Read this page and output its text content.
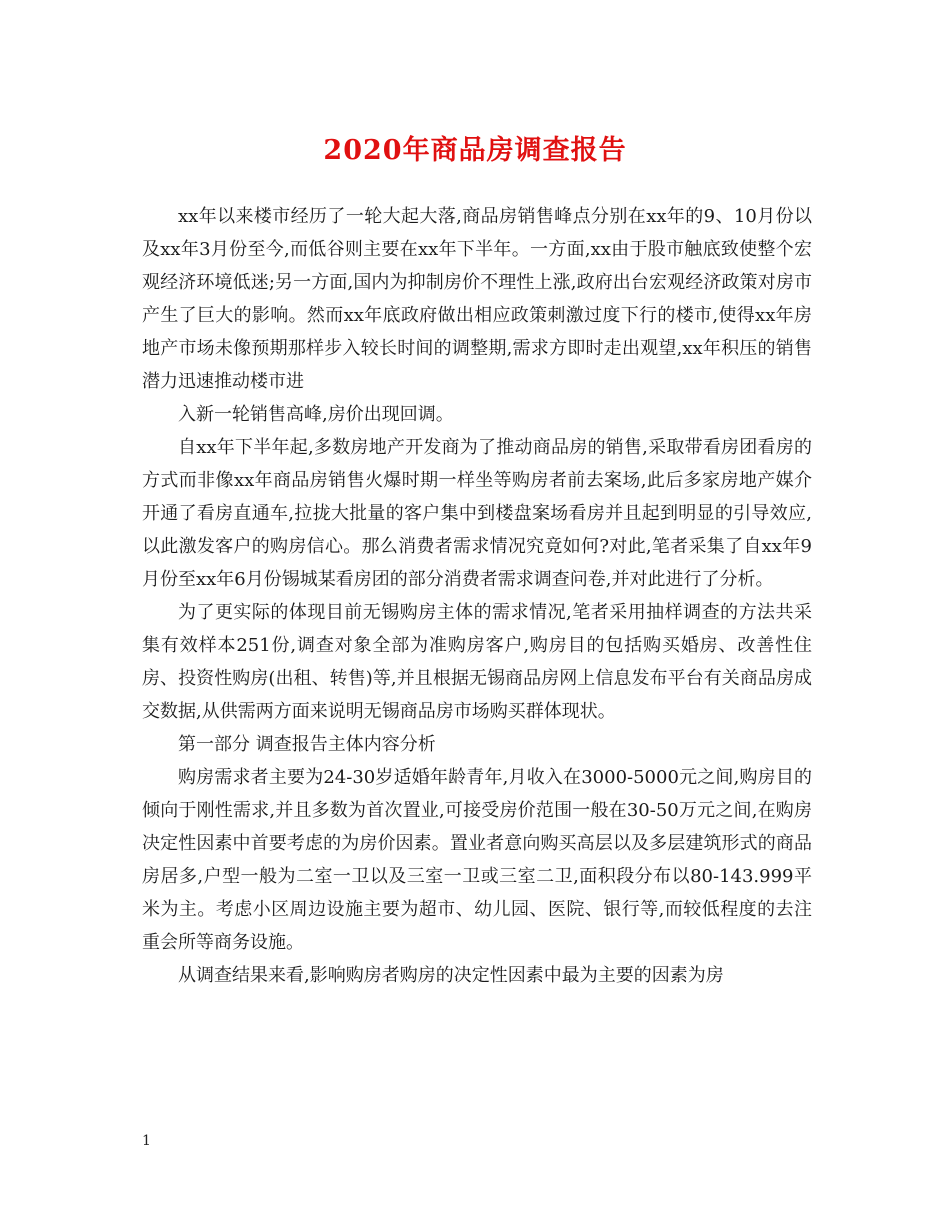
2020年商品房调查报告

xx年以来楼市经历了一轮大起大落,商品房销售峰点分别在xx年的9、10月份以及xx年3月份至今,而低谷则主要在xx年下半年。一方面,xx由于股市触底致使整个宏观经济环境低迷;另一方面,国内为抑制房价不理性上涨,政府出台宏观经济政策对房市产生了巨大的影响。然而xx年底政府做出相应政策刺激过度下行的楼市,使得xx年房地产市场未像预期那样步入较长时间的调整期,需求方即时走出观望,xx年积压的销售潜力迅速推动楼市进

入新一轮销售高峰,房价出现回调。

自xx年下半年起,多数房地产开发商为了推动商品房的销售,采取带看房团看房的方式而非像xx年商品房销售火爆时期一样坐等购房者前去案场,此后多家房地产媒介开通了看房直通车,拉拢大批量的客户集中到楼盘案场看房并且起到明显的引导效应,以此激发客户的购房信心。那么消费者需求情况究竟如何?对此,笔者采集了自xx年9月份至xx年6月份锡城某看房团的部分消费者需求调查问卷,并对此进行了分析。

为了更实际的体现目前无锡购房主体的需求情况,笔者采用抽样调查的方法共采集有效样本251份,调查对象全部为准购房客户,购房目的包括购买婚房、改善性住房、投资性购房(出租、转售)等,并且根据无锡商品房网上信息发布平台有关商品房成交数据,从供需两方面来说明无锡商品房市场购买群体现状。

第一部分 调查报告主体内容分析

购房需求者主要为24-30岁适婚年龄青年,月收入在3000-5000元之间,购房目的倾向于刚性需求,并且多数为首次置业,可接受房价范围一般在30-50万元之间,在购房决定性因素中首要考虑的为房价因素。置业者意向购买高层以及多层建筑形式的商品房居多,户型一般为二室一卫以及三室一卫或三室二卫,面积段分布以80-143.999平米为主。考虑小区周边设施主要为超市、幼儿园、医院、银行等,而较低程度的去注重会所等商务设施。

从调查结果来看,影响购房者购房的决定性因素中最为主要的因素为房

1
